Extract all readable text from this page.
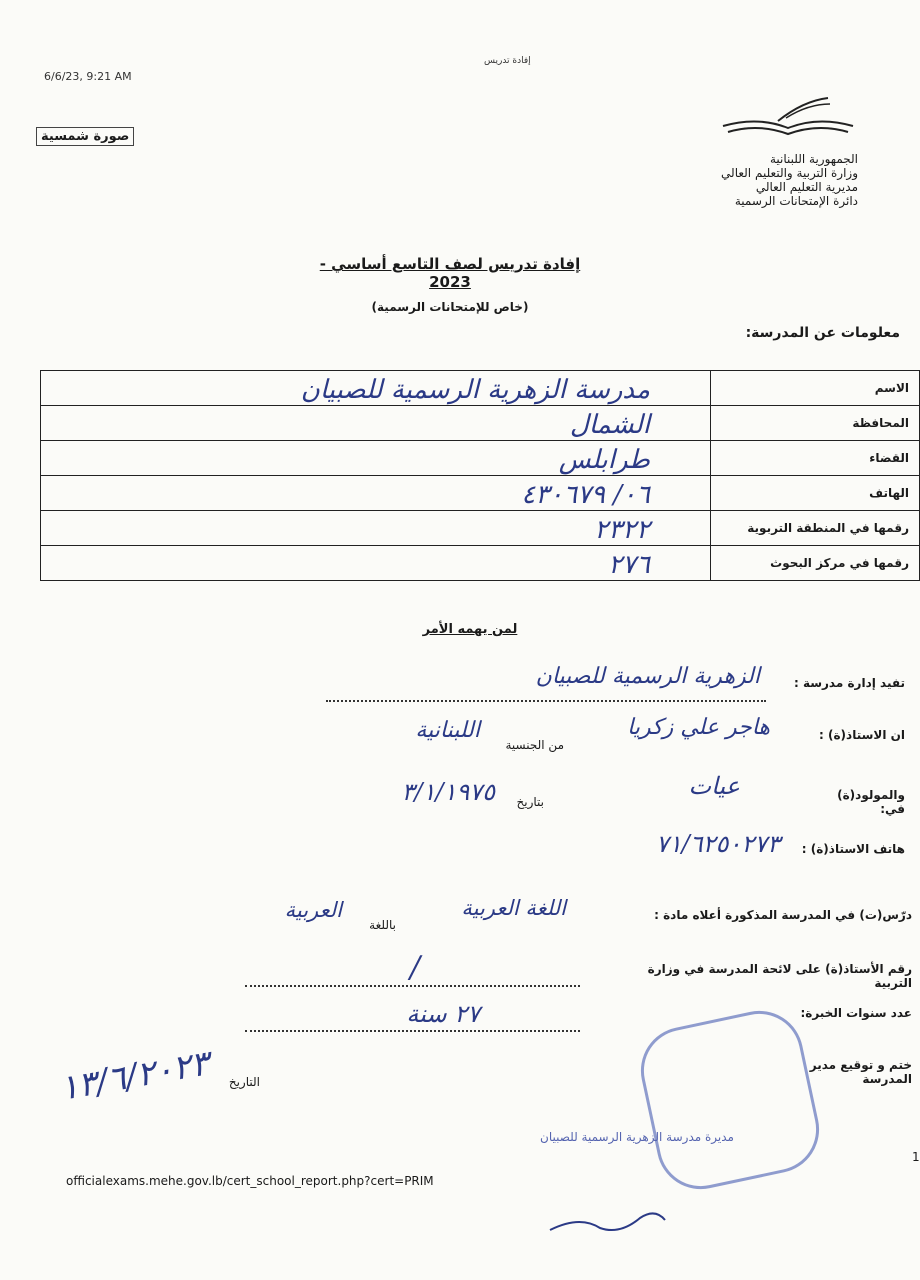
6/6/23, 9:21 AM
إفادة تدريس
صورة شمسية
الجمهورية اللبنانية
وزارة التربية والتعليم العالي
مديرية التعليم العالي
دائرة الإمتحانات الرسمية
إفادة تدريس لصف التاسع أساسي - 2023
(خاص للإمتحانات الرسمية)
معلومات عن المدرسة:
مدرسة الزهرية الرسمية للصبيان	الاسم

الشمال	المحافظة

طرابلس	القضاء

٠٦/ ٤٣٠٦٧٩	الهاتف

٢٣٢٢	رقمها في المنطقة التربوية

٢٧٦	رقمها في مركز البحوث
لمن يهمه الأمر
تفيد إدارة مدرسة :
الزهرية الرسمية للصبيان
ان الاستاذ(ة) :
هاجر علي زكريا
من الجنسية
اللبنانية
والمولود(ة) في:
عيات
بتاريخ
٣/١/١٩٧٥
هاتف الاستاذ(ة) :
٧١/٦٢٥٠٢٧٣
درّس(ت) في المدرسة المذكورة أعلاه مادة :
اللغة العربية
باللغة
العربية
رقم الأستاذ(ة) على لائحة المدرسة في وزارة التربية
/
عدد سنوات الخبرة:
٢٧ سنة
ختم و توقيع مدير المدرسة
التاريخ
١٣/٦/٢٠٢٣
مديرة مدرسة الزهرية الرسمية للصبيان
officialexams.mehe.gov.lb/cert_school_report.php?cert=PRIM
1
